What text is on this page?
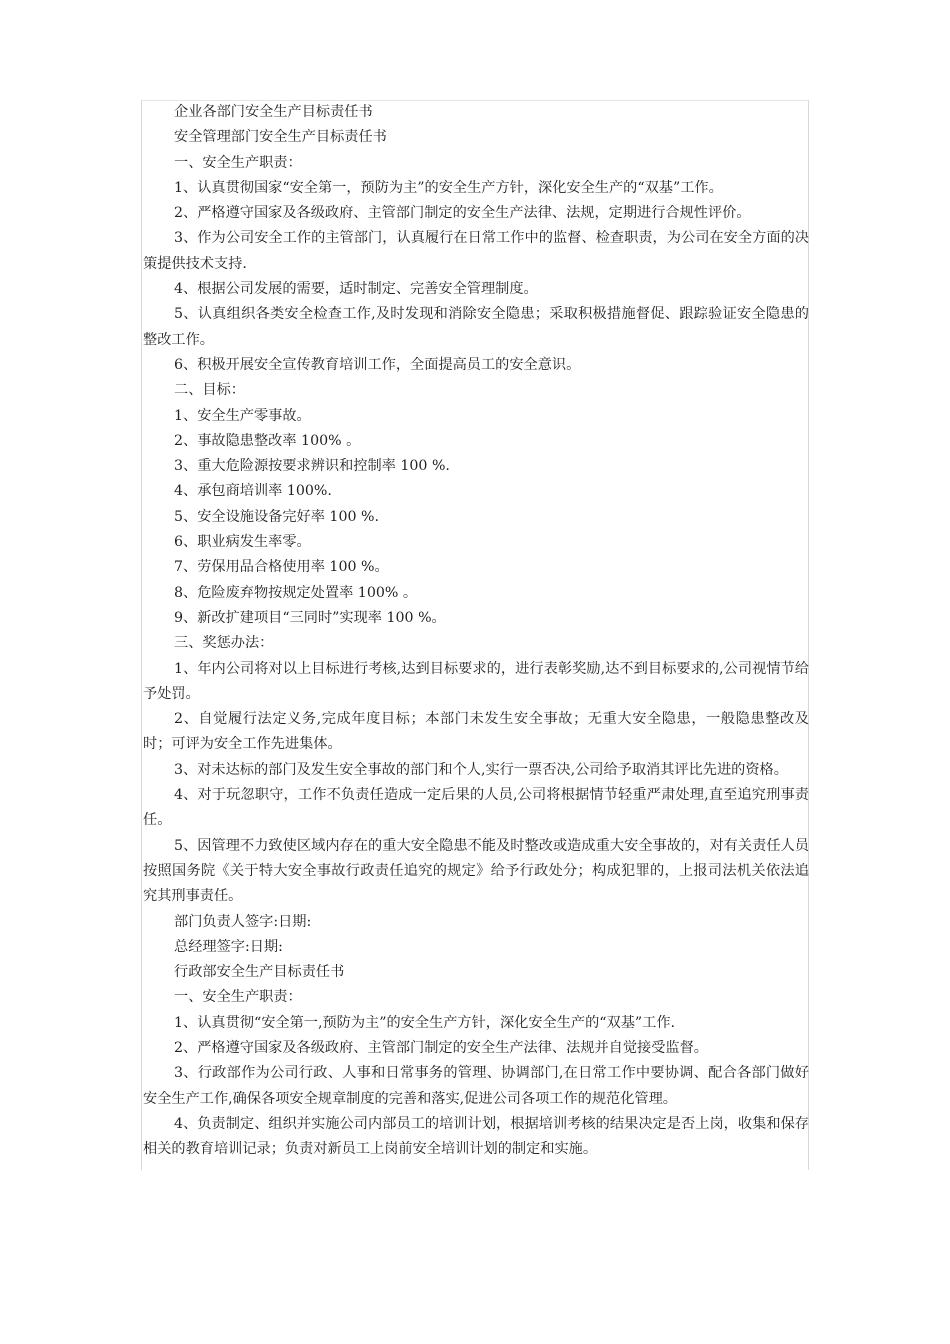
企业各部门安全生产目标责任书

安全管理部门安全生产目标责任书

一、安全生产职责：

1、认真贯彻国家“安全第一，预防为主”的安全生产方针，深化安全生产的“双基”工作。

2、严格遵守国家及各级政府、主管部门制定的安全生产法律、法规，定期进行合规性评价。

3、作为公司安全工作的主管部门，认真履行在日常工作中的监督、检查职责，为公司在安全方面的决策提供技术支持.

4、根据公司发展的需要，适时制定、完善安全管理制度。

5、认真组织各类安全检查工作,及时发现和消除安全隐患；采取积极措施督促、跟踪验证安全隐患的整改工作。

6、积极开展安全宣传教育培训工作，全面提高员工的安全意识。

二、目标：

1、安全生产零事故。

2、事故隐患整改率 100% 。

3、重大危险源按要求辨识和控制率 100 %.

4、承包商培训率 100%.

5、安全设施设备完好率 100 %.

6、职业病发生率零。

7、劳保用品合格使用率 100 %。

8、危险废弃物按规定处置率 100% 。

9、新改扩建项目“三同时”实现率 100 %。

三、奖惩办法：

1、年内公司将对以上目标进行考核,达到目标要求的，进行表彰奖励,达不到目标要求的,公司视情节给予处罚。

2、自觉履行法定义务,完成年度目标；本部门未发生安全事故；无重大安全隐患，一般隐患整改及时；可评为安全工作先进集体。

3、对未达标的部门及发生安全事故的部门和个人,实行一票否决,公司给予取消其评比先进的资格。

4、对于玩忽职守，工作不负责任造成一定后果的人员,公司将根据情节轻重严肃处理,直至追究刑事责任。

5、因管理不力致使区域内存在的重大安全隐患不能及时整改或造成重大安全事故的，对有关责任人员按照国务院《关于特大安全事故行政责任追究的规定》给予行政处分；构成犯罪的，上报司法机关依法追究其刑事责任。

部门负责人签字:日期:

总经理签字:日期:

行政部安全生产目标责任书

一、安全生产职责：

1、认真贯彻“安全第一,预防为主”的安全生产方针，深化安全生产的“双基”工作.

2、严格遵守国家及各级政府、主管部门制定的安全生产法律、法规并自觉接受监督。

3、行政部作为公司行政、人事和日常事务的管理、协调部门,在日常工作中要协调、配合各部门做好安全生产工作,确保各项安全规章制度的完善和落实,促进公司各项工作的规范化管理。

4、负责制定、组织并实施公司内部员工的培训计划，根据培训考核的结果决定是否上岗，收集和保存相关的教育培训记录；负责对新员工上岗前安全培训计划的制定和实施。
